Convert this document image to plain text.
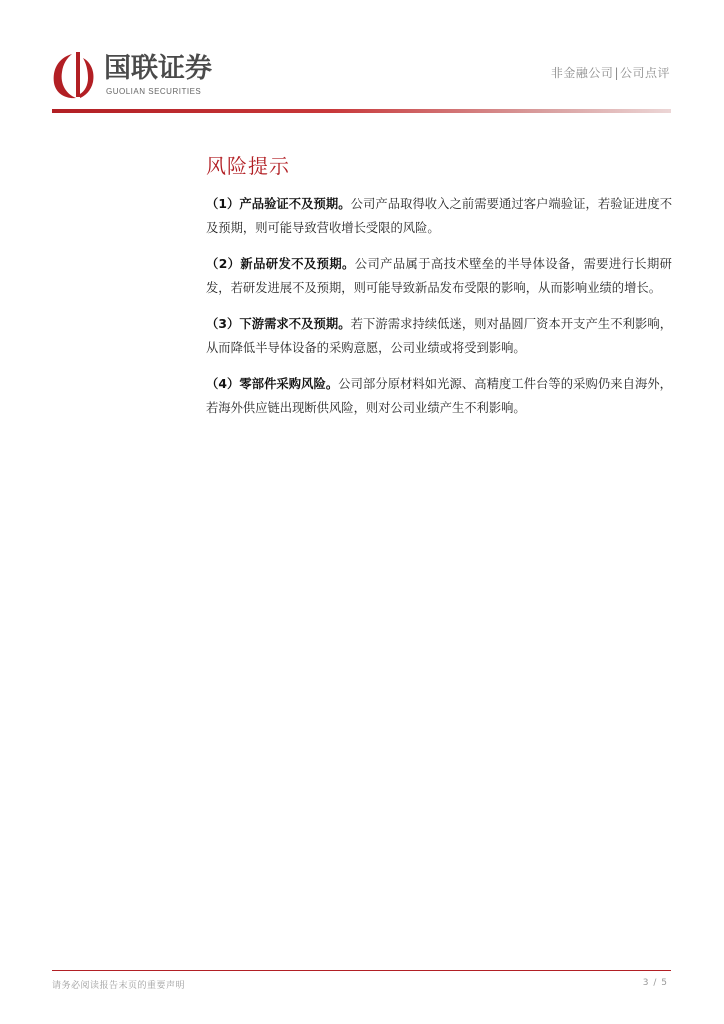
国联证券
GUOLIAN SECURITIES
非金融公司|公司点评
风险提示

（1）产品验证不及预期。公司产品取得收入之前需要通过客户端验证，若验证进度不及预期，则可能导致营收增长受限的风险。

（2）新品研发不及预期。公司产品属于高技术壁垒的半导体设备，需要进行长期研发，若研发进展不及预期，则可能导致新品发布受限的影响，从而影响业绩的增长。

（3）下游需求不及预期。若下游需求持续低迷，则对晶圆厂资本开支产生不利影响，从而降低半导体设备的采购意愿，公司业绩或将受到影响。

（4）零部件采购风险。公司部分原材料如光源、高精度工件台等的采购仍来自海外，若海外供应链出现断供风险，则对公司业绩产生不利影响。

请务必阅读报告末页的重要声明	3 / 5
